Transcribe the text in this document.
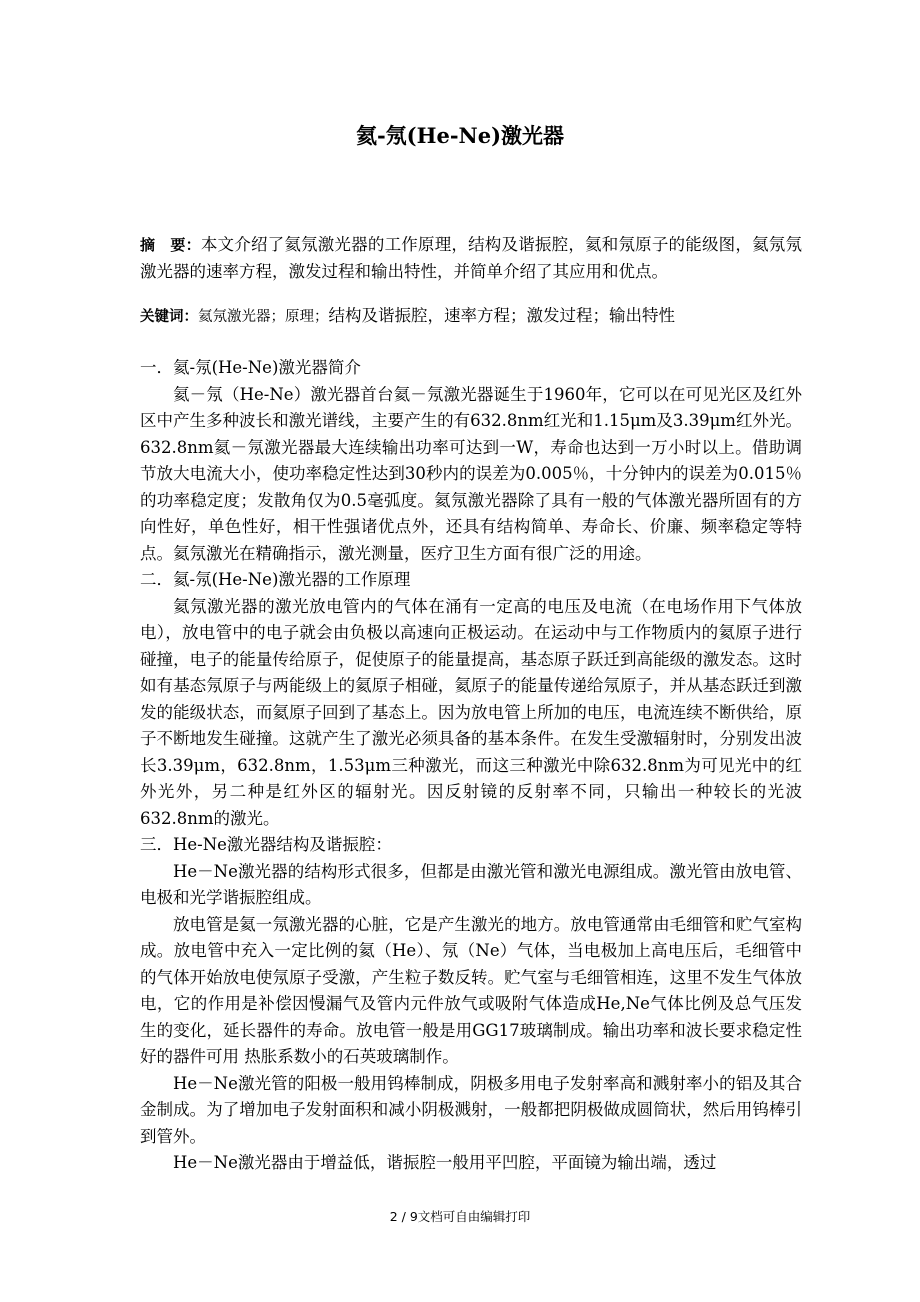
氦-氖(He-Ne)激光器
摘　要：本文介绍了氦氖激光器的工作原理，结构及谐振腔，氦和氖原子的能级图，氦氖氖激光器的速率方程，激发过程和输出特性，并简单介绍了其应用和优点。
关键词：氦氖激光器；原理；结构及谐振腔，速率方程；激发过程；输出特性

一．氦-氖(He-Ne)激光器简介

氦－氖（He-Ne）激光器首台氦－氖激光器诞生于1960年，它可以在可见光区及红外区中产生多种波长和激光谱线，主要产生的有632.8nm红光和1.15μm及3.39μm红外光。632.8nm氦－氖激光器最大连续输出功率可达到一W，寿命也达到一万小时以上。借助调节放大电流大小，使功率稳定性达到30秒内的误差为0.005％，十分钟内的误差为0.015％的功率稳定度；发散角仅为0.5毫弧度。氦氖激光器除了具有一般的气体激光器所固有的方向性好，单色性好，相干性强诸优点外，还具有结构简单、寿命长、价廉、频率稳定等特点。氦氖激光在精确指示，激光测量，医疗卫生方面有很广泛的用途。

二．氦-氖(He-Ne)激光器的工作原理

氦氖激光器的激光放电管内的气体在涌有一定高的电压及电流（在电场作用下气体放电），放电管中的电子就会由负极以高速向正极运动。在运动中与工作物质内的氦原子进行碰撞，电子的能量传给原子，促使原子的能量提高，基态原子跃迁到高能级的激发态。这时如有基态氖原子与两能级上的氦原子相碰，氦原子的能量传递给氖原子，并从基态跃迁到激发的能级状态，而氦原子回到了基态上。因为放电管上所加的电压，电流连续不断供给，原子不断地发生碰撞。这就产生了激光必须具备的基本条件。在发生受激辐射时，分别发出波长3.39μm，632.8nm，1.53μm三种激光，而这三种激光中除632.8nm为可见光中的红外光外，另二种是红外区的辐射光。因反射镜的反射率不同，只输出一种较长的光波632.8nm的激光。

三．He-Ne激光器结构及谐振腔：

He－Ne激光器的结构形式很多，但都是由激光管和激光电源组成。激光管由放电管、电极和光学谐振腔组成。

放电管是氦一氖激光器的心脏，它是产生激光的地方。放电管通常由毛细管和贮气室构成。放电管中充入一定比例的氦（He）、氖（Ne）气体，当电极加上高电压后，毛细管中的气体开始放电使氖原子受激，产生粒子数反转。贮气室与毛细管相连，这里不发生气体放电，它的作用是补偿因慢漏气及管内元件放气或吸附气体造成He,Ne气体比例及总气压发生的变化，延长器件的寿命。放电管一般是用GG17玻璃制成。输出功率和波长要求稳定性好的器件可用 热胀系数小的石英玻璃制作。

He－Ne激光管的阳极一般用钨棒制成，阴极多用电子发射率高和溅射率小的铝及其合金制成。为了增加电子发射面积和减小阴极溅射，一般都把阴极做成圆筒状，然后用钨棒引到管外。

He－Ne激光器由于增益低，谐振腔一般用平凹腔，平面镜为输出端，透过

2 / 9文档可自由编辑打印
